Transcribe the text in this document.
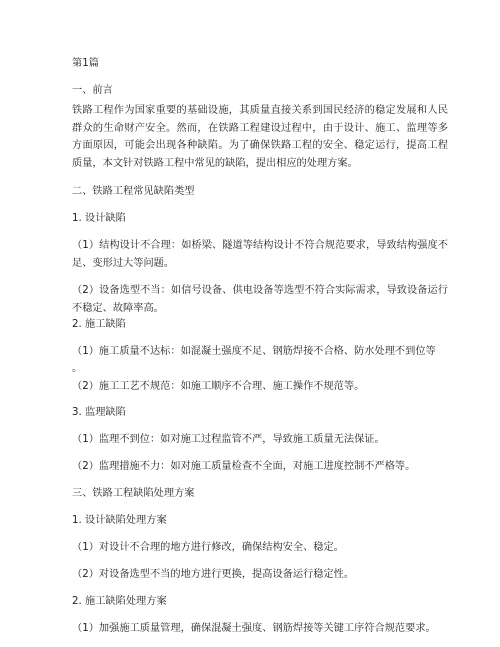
第1篇
一、前言
铁路工程作为国家重要的基础设施，其质量直接关系到国民经济的稳定发展和人民群众的生命财产安全。然而，在铁路工程建设过程中，由于设计、施工、监理等多方面原因，可能会出现各种缺陷。为了确保铁路工程的安全、稳定运行，提高工程质量，本文针对铁路工程中常见的缺陷，提出相应的处理方案。
二、铁路工程常见缺陷类型
1. 设计缺陷
（1）结构设计不合理：如桥梁、隧道等结构设计不符合规范要求，导致结构强度不足、变形过大等问题。
（2）设备选型不当：如信号设备、供电设备等选型不符合实际需求，导致设备运行不稳定、故障率高。
2. 施工缺陷
（1）施工质量不达标：如混凝土强度不足、钢筋焊接不合格、防水处理不到位等
。
（2）施工工艺不规范：如施工顺序不合理、施工操作不规范等。
3. 监理缺陷
（1）监理不到位：如对施工过程监管不严，导致施工质量无法保证。
（2）监理措施不力：如对施工质量检查不全面，对施工进度控制不严格等。
三、铁路工程缺陷处理方案
1. 设计缺陷处理方案
（1）对设计不合理的地方进行修改，确保结构安全、稳定。
（2）对设备选型不当的地方进行更换，提高设备运行稳定性。
2. 施工缺陷处理方案
（1）加强施工质量管理，确保混凝土强度、钢筋焊接等关键工序符合规范要求。
